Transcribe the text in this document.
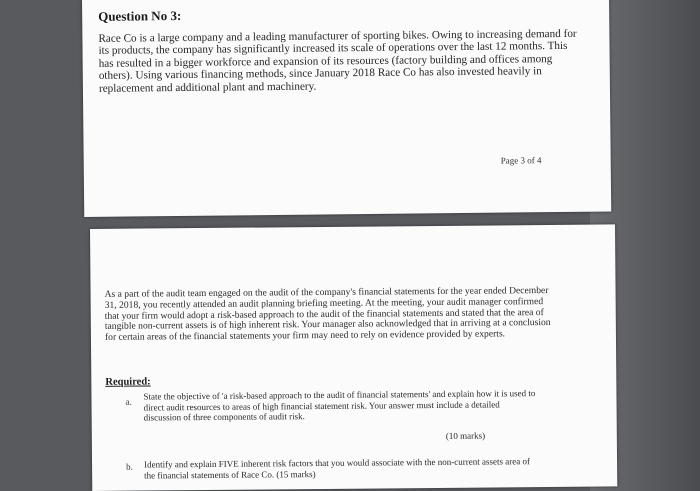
Question No 3:
Race Co is a large company and a leading manufacturer of sporting bikes. Owing to increasing demand for its products, the company has significantly increased its scale of operations over the last 12 months. This has resulted in a bigger workforce and expansion of its resources (factory building and offices among others). Using various financing methods, since January 2018 Race Co has also invested heavily in replacement and additional plant and machinery.
Page 3 of 4
As a part of the audit team engaged on the audit of the company's financial statements for the year ended December 31, 2018, you recently attended an audit planning briefing meeting. At the meeting, your audit manager confirmed that your firm would adopt a risk-based approach to the audit of the financial statements and stated that the area of tangible non-current assets is of high inherent risk. Your manager also acknowledged that in arriving at a conclusion for certain areas of the financial statements your firm may need to rely on evidence provided by experts.
Required:
a.
State the objective of 'a risk-based approach to the audit of financial statements' and explain how it is used to direct audit resources to areas of high financial statement risk. Your answer must include a detailed discussion of three components of audit risk.
(10 marks)
b. Identify and explain FIVE inherent risk factors that you would associate with the non-current assets area of the financial statements of Race Co. (15 marks)
